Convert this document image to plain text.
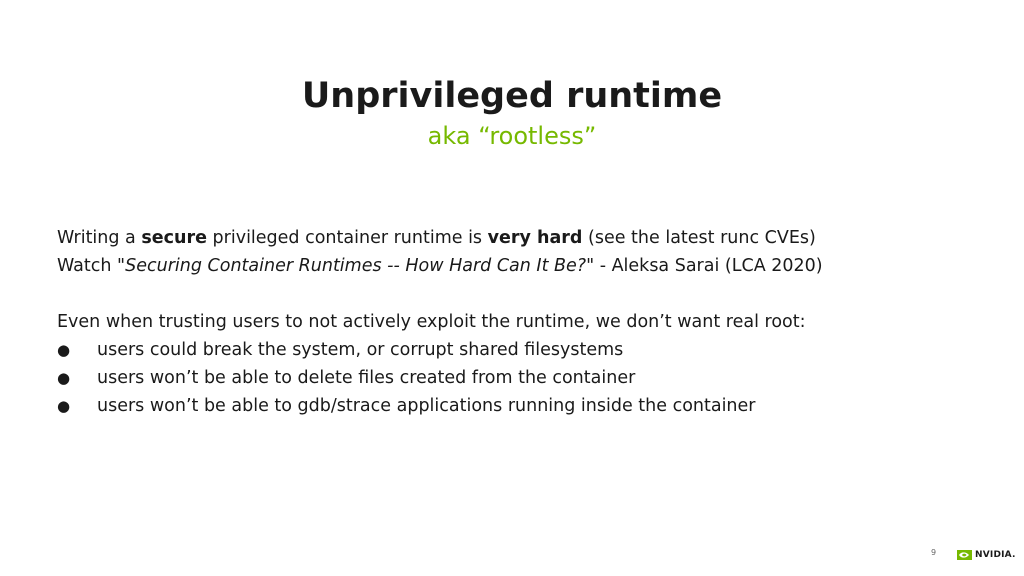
Unprivileged runtime
aka “rootless”

Writing a secure privileged container runtime is very hard (see the latest runc CVEs)

Watch "Securing Container Runtimes -- How Hard Can It Be?" - Aleksa Sarai (LCA 2020)

Even when trusting users to not actively exploit the runtime, we don’t want real root:

● users could break the system, or corrupt shared filesystems
● users won’t be able to delete files created from the container
● users won’t be able to gdb/strace applications running inside the container
9	NVIDIA.
